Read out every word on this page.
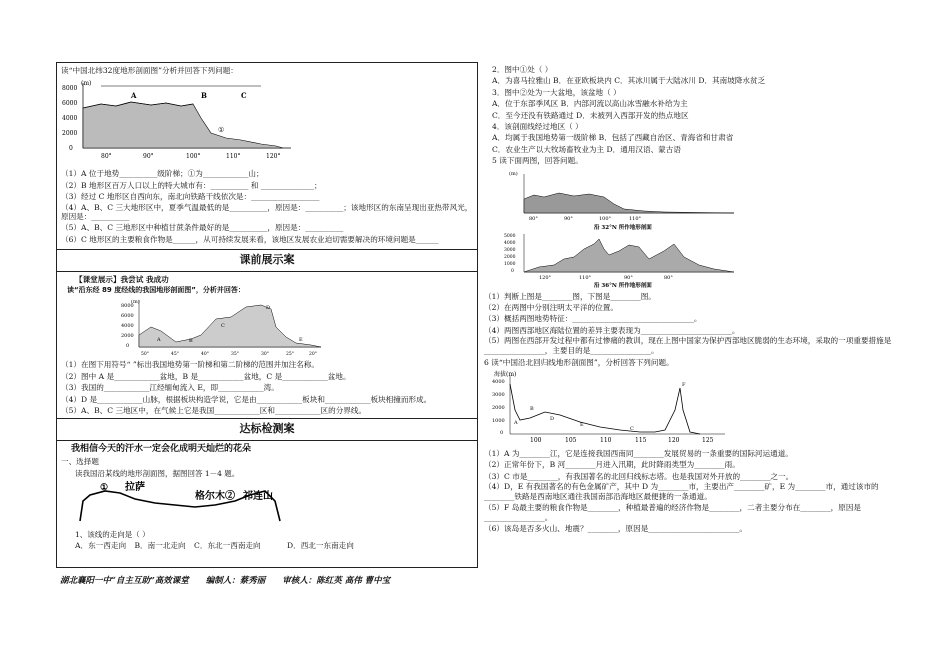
读“中国北纬32度地形剖面图”分析并回答下列问题：
(m)
8000
6000
4000
2000
0
A	B	C
①
80°	90°	100°	110°	120°
（1）A 位于地势__________级阶梯；①为____________山；
（2）B 地形区百万人口以上的特大城市有：__________ 和 ______________；
（3）经过 C 地形区自西向东，南北向铁路干线依次是：__________________
（4）A、B、C 三大地形区中，夏季气温最低的是__________，原因是：__________；该地形区的东南呈现出亚热带风光，原因是：__________
（5）A、B、C 三地形区中种植甘蔗条件最好的是__________，原因是：__________
（6）C 地形区的主要粮食作物是______，从可持续发展来看，该地区发展农业迫切需要解决的环境问题是______
课前展示案
【课堂展示】我尝试 我成功
读“沿东经 89 度经线的我国地形剖面图”，分析并回答：
(m)
8000
6000
4000
2000
0
A	B
C
D
E
50°	45°	40°	35°	30°	25°	20°
（1）在图下用符号“ ”标出我国地势第一阶梯和第二阶梯的范围并加注名称。
（2）图中 A 是____________盆地，B 是____________盆地，C 是____________盆地。
（3）我国的____________江经缅甸流入 E，即____________湾。
（4）D 是____________山脉，根据板块构造学说，它是由____________板块和____________板块相撞而形成。
（5）A、B、C 三地区中，在气候上它是我国____________区和____________区的分界线。
达标检测案
我相信今天的汗水一定会化成明天灿烂的花朵
一、选择题
读我国沿某线的地形剖面图，据图回答 1－4 题。
① 拉萨
格尔木② 祁连山
1、该线的走向是（ ）
A．东一西走向 B．南一北走向 C．东北一西南走向	D．西北一东南走向
2．图中①处（ ）
A．为喜马拉雅山 B．在亚欧板块内 C．其冰川属于大陆冰川 D．其南坡降水贫乏
3．图中②处为一大盆地，该盆地（ ）
A．位于东部季风区 B．内部河流以高山冰雪融水补给为主
C．至今还没有铁路通过 D．未被列入西部开发的热点地区
4．该剖面线经过地区（ ）
A．均属于我国地势第一级阶梯 B．包括了西藏自治区、青海省和甘肃省
C．农业生产以大牧场畜牧业为主 D．通用汉语、蒙古语
5 读下面两图，回答问题。
(m)
80°	90°	100°	110°
沿 32°N 所作地形剖面
5000
4000
3000
2000
1000
0
120°	110°	90°	80°
沿 36°N 所作地形剖面
（1）判断上图是________图，下图是________图。
（2）在两图中分别注明太平洋的位置。
（3）概括两图地势特征：________________________________。
（4）两图西部地区海陆位置的差异主要表现为________________________。
（5）两图在西部开发过程中都有过惨痛的教训，现在上图中国家为保护西部地区脆弱的生态环境，采取的一项重要措施是________________，主要目的是________________。
6 读“中国沿北回归线地形剖面图”，分析回答下列问题。
海拔(m)
4000
3000
2000
1000
0
A
B
C
D
E
F
100	105	110	115	120	125
（1）A 为________江，它是连接我国西南同________发展贸易的一条重要的国际河运通道。
（2）正常年份下，B 河________月进入汛期，此时降雨类型为________雨。
（3）C 市是________，有我国著名的北回归线标志塔。也是我国对外开放的________之一。
（4）D，E 有我国著名的有色金属矿产，其中 D 为________市，主要出产________矿，E 为________市，通过该市的________铁路是西南地区通往我国南部沿海地区最便捷的一条通道。
（5）F 岛最主要的粮食作物是________，种植最普遍的经济作物是________，二者主要分布在________，原因是________________。
（6）该岛是否多火山、地震？________，原因是________________________。
湖北襄阳一中“自主互助”高效课堂 编制人：蔡秀丽 审核人：陈红英 高伟 曹中宝
